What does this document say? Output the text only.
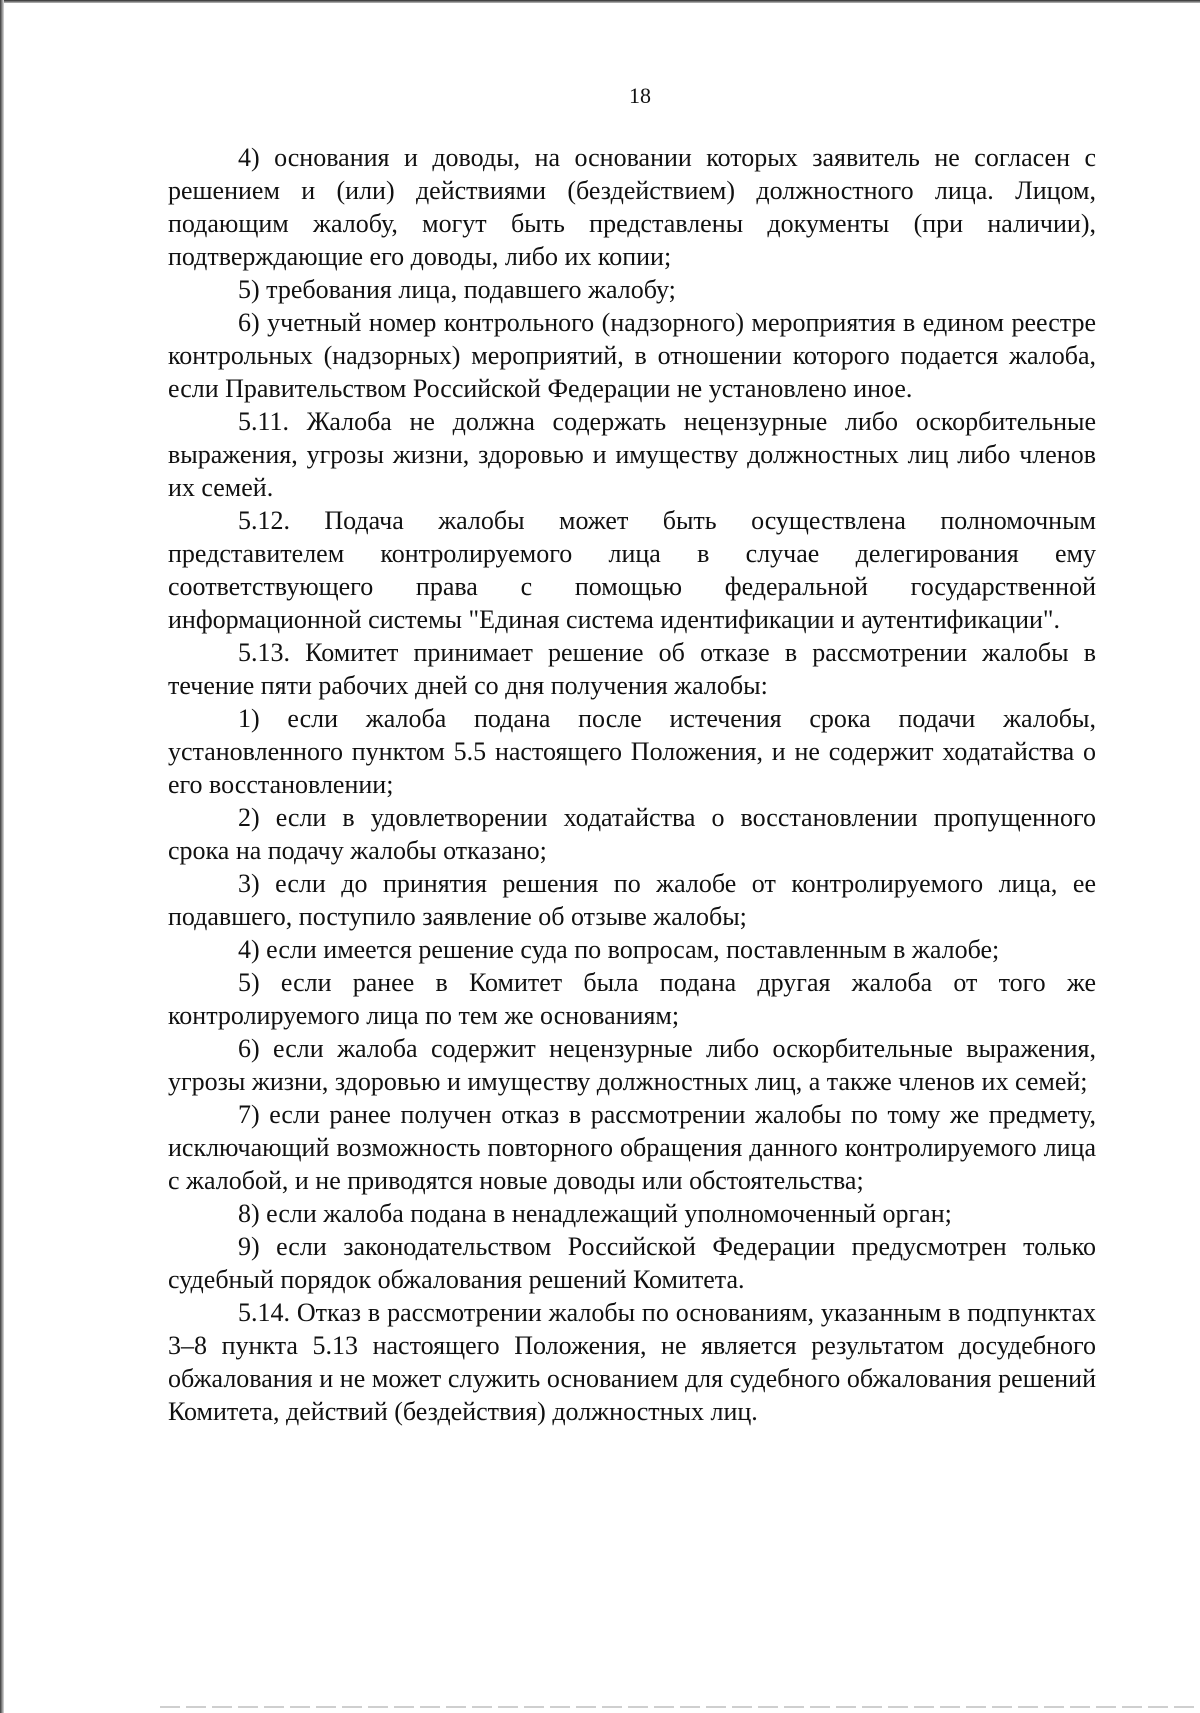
18

4) основания и доводы, на основании которых заявитель не согласен с решением и (или) действиями (бездействием) должностного лица. Лицом, подающим жалобу, могут быть представлены документы (при наличии), подтверждающие его доводы, либо их копии;

5) требования лица, подавшего жалобу;

6) учетный номер контрольного (надзорного) мероприятия в едином реестре контрольных (надзорных) мероприятий, в отношении которого подается жалоба, если Правительством Российской Федерации не установлено иное.

5.11. Жалоба не должна содержать нецензурные либо оскорбительные выражения, угрозы жизни, здоровью и имуществу должностных лиц либо членов их семей.

5.12. Подача жалобы может быть осуществлена полномочным представителем контролируемого лица в случае делегирования ему соответствующего права с помощью федеральной государственной информационной системы "Единая система идентификации и аутентификации".

5.13. Комитет принимает решение об отказе в рассмотрении жалобы в течение пяти рабочих дней со дня получения жалобы:

1) если жалоба подана после истечения срока подачи жалобы, установленного пунктом 5.5 настоящего Положения, и не содержит ходатайства о его восстановлении;

2) если в удовлетворении ходатайства о восстановлении пропущенного срока на подачу жалобы отказано;

3) если до принятия решения по жалобе от контролируемого лица, ее подавшего, поступило заявление об отзыве жалобы;

4) если имеется решение суда по вопросам, поставленным в жалобе;

5) если ранее в Комитет была подана другая жалоба от того же контролируемого лица по тем же основаниям;

6) если жалоба содержит нецензурные либо оскорбительные выражения, угрозы жизни, здоровью и имуществу должностных лиц, а также членов их семей;

7) если ранее получен отказ в рассмотрении жалобы по тому же предмету, исключающий возможность повторного обращения данного контролируемого лица с жалобой, и не приводятся новые доводы или обстоятельства;

8) если жалоба подана в ненадлежащий уполномоченный орган;

9) если законодательством Российской Федерации предусмотрен только судебный порядок обжалования решений Комитета.

5.14. Отказ в рассмотрении жалобы по основаниям, указанным в подпунктах 3–8 пункта 5.13 настоящего Положения, не является результатом досудебного обжалования и не может служить основанием для судебного обжалования решений Комитета, действий (бездействия) должностных лиц.
